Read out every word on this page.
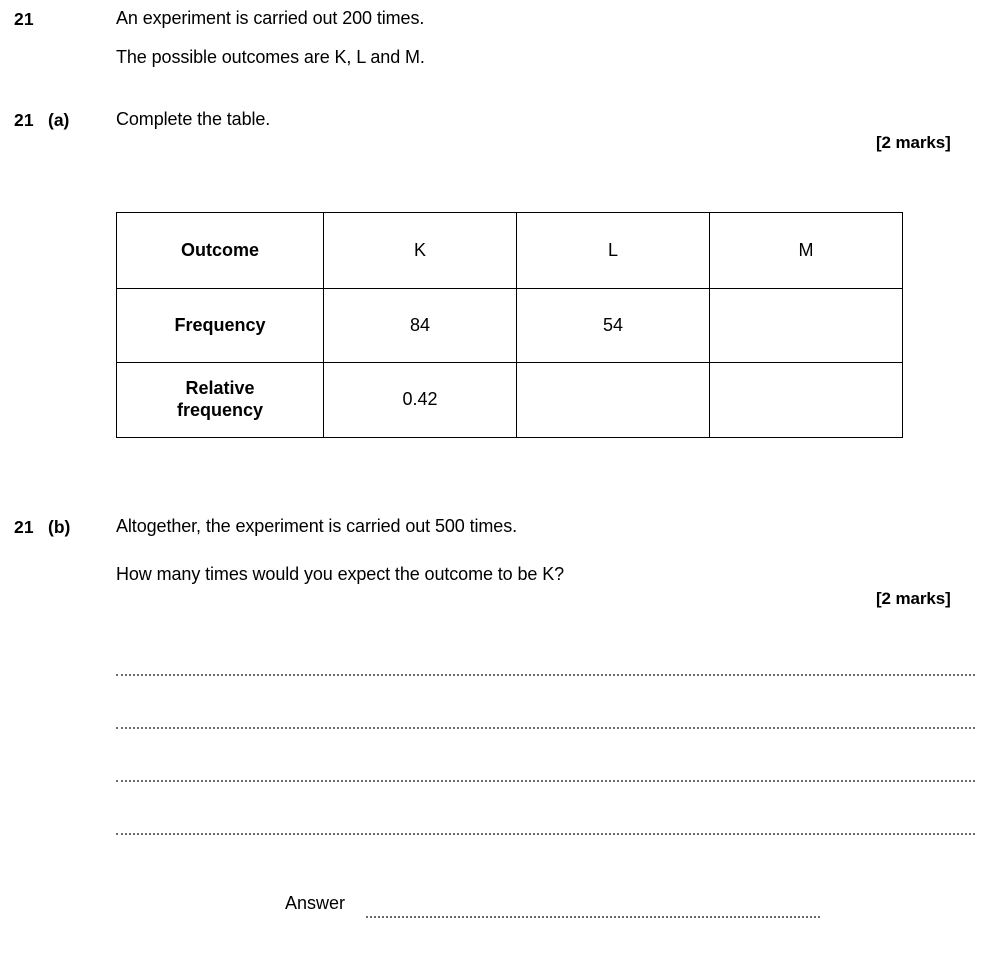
21	An experiment is carried out 200 times.
The possible outcomes are K, L and M.
21 (a)	Complete the table.
[2 marks]
Outcome	K	L	M
Frequency	84	54	
Relative
frequency	0.42		
21 (b)	Altogether, the experiment is carried out 500 times.
How many times would you expect the outcome to be K?
[2 marks]
Answer
